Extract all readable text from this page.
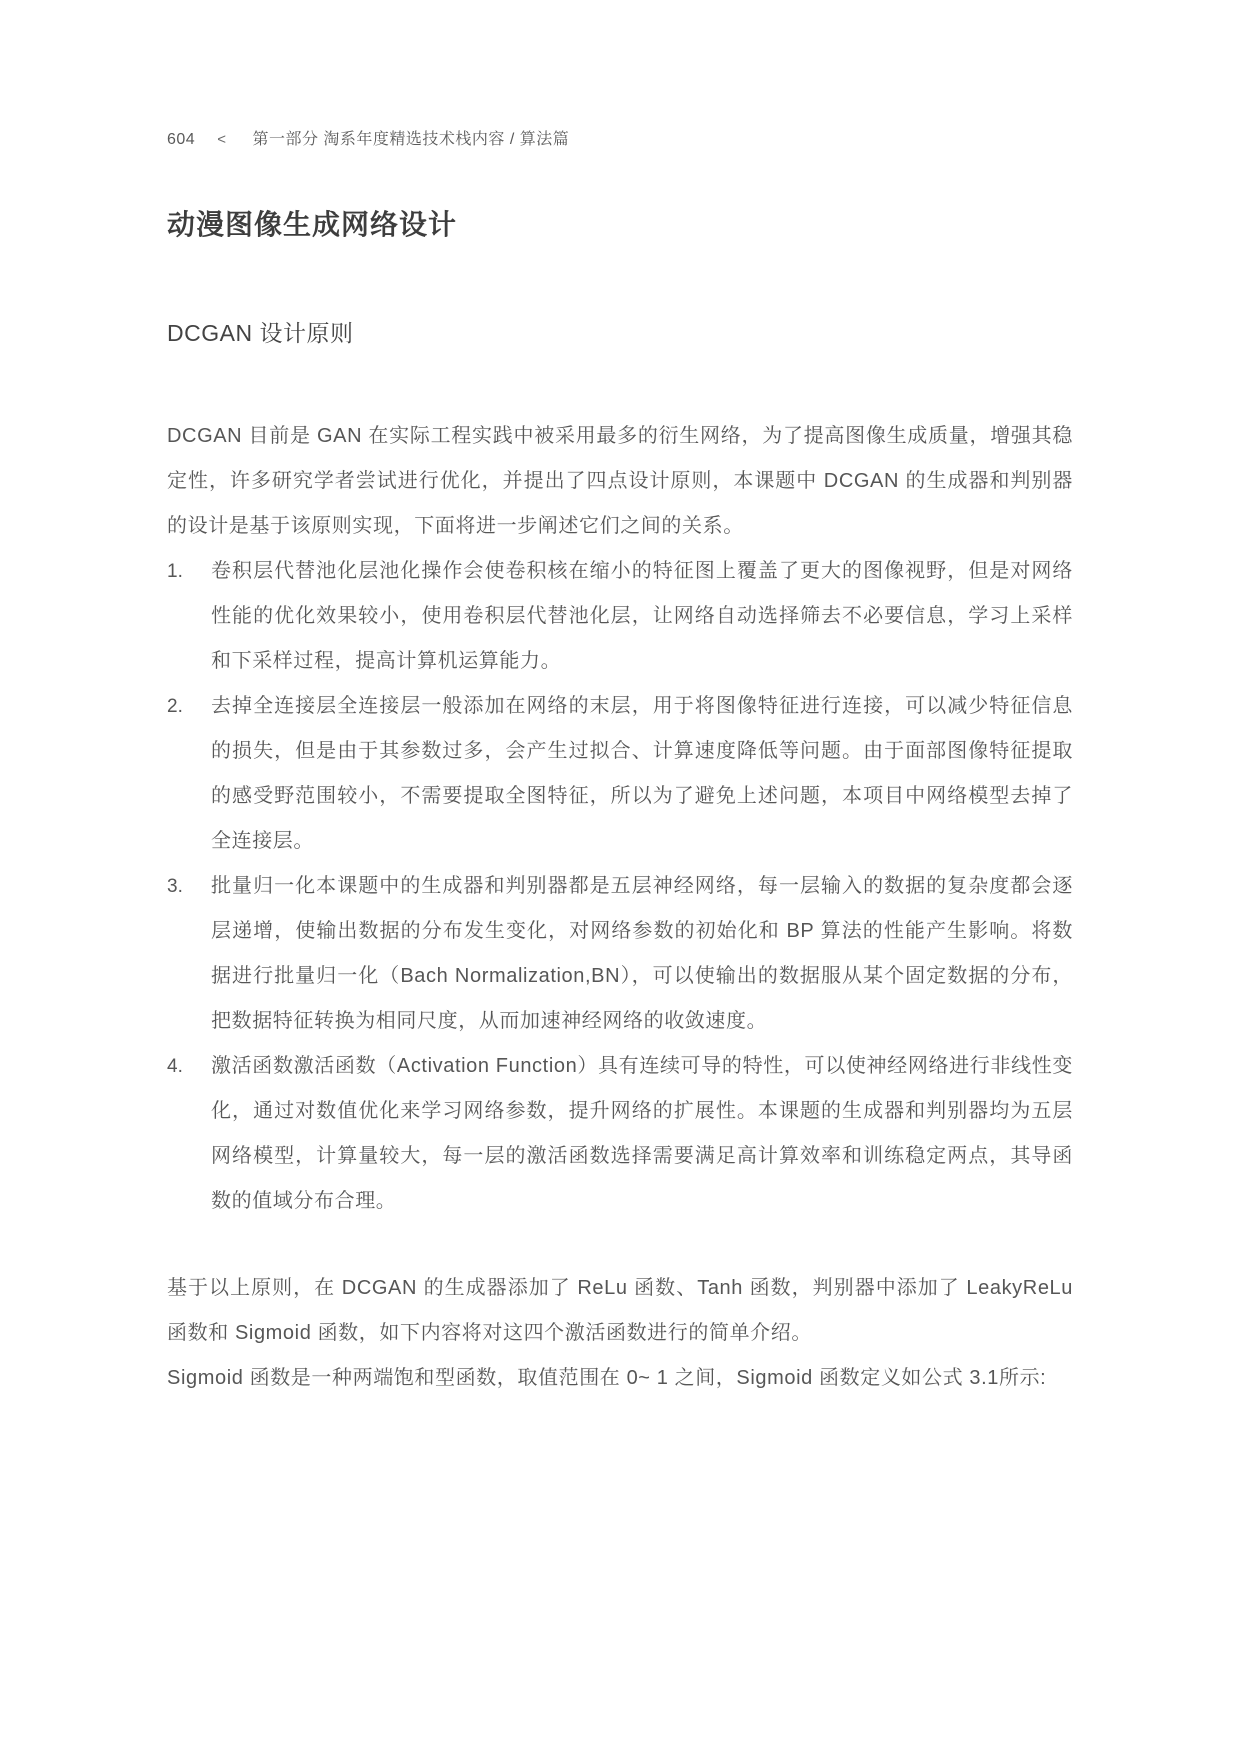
604 < 第一部分 淘系年度精选技术栈内容 / 算法篇
动漫图像生成网络设计
DCGAN 设计原则

DCGAN 目前是 GAN 在实际工程实践中被采用最多的衍生网络，为了提高图像生成质量，增强其稳定性，许多研究学者尝试进行优化，并提出了四点设计原则，本课题中 DCGAN 的生成器和判别器的设计是基于该原则实现，下面将进一步阐述它们之间的关系。

1.	卷积层代替池化层池化操作会使卷积核在缩小的特征图上覆盖了更大的图像视野，但是对网络性能的优化效果较小，使用卷积层代替池化层，让网络自动选择筛去不必要信息，学习上采样和下采样过程，提高计算机运算能力。
2.	去掉全连接层全连接层一般添加在网络的末层，用于将图像特征进行连接，可以减少特征信息的损失，但是由于其参数过多，会产生过拟合、计算速度降低等问题。由于面部图像特征提取的感受野范围较小，不需要提取全图特征，所以为了避免上述问题，本项目中网络模型去掉了全连接层。
3.	批量归一化本课题中的生成器和判别器都是五层神经网络，每一层输入的数据的复杂度都会逐层递增，使输出数据的分布发生变化，对网络参数的初始化和 BP 算法的性能产生影响。将数据进行批量归一化（Bach Normalization,BN），可以使输出的数据服从某个固定数据的分布，把数据特征转换为相同尺度，从而加速神经网络的收敛速度。
4.	激活函数激活函数（Activation Function）具有连续可导的特性，可以使神经网络进行非线性变化，通过对数值优化来学习网络参数，提升网络的扩展性。本课题的生成器和判别器均为五层网络模型，计算量较大，每一层的激活函数选择需要满足高计算效率和训练稳定两点，其导函数的值域分布合理。

基于以上原则，在 DCGAN 的生成器添加了 ReLu 函数、Tanh 函数，判别器中添加了 LeakyReLu 函数和 Sigmoid 函数，如下内容将对这四个激活函数进行的简单介绍。

Sigmoid 函数是一种两端饱和型函数，取值范围在 0~ 1 之间，Sigmoid 函数定义如公式 3.1所示:
